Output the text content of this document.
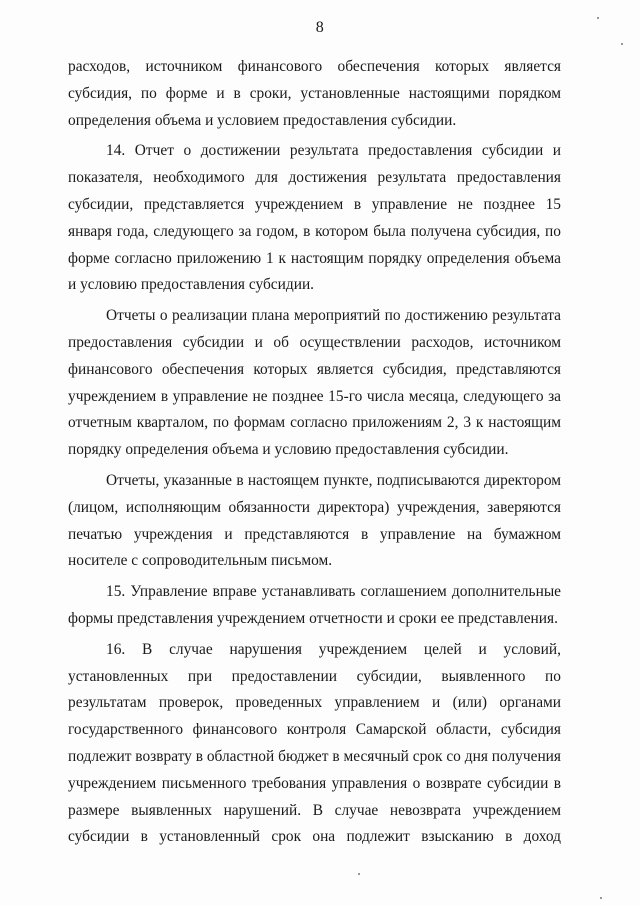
8

расходов, источником финансового обеспечения которых является субсидия, по форме и в сроки, установленные настоящими порядком определения объема и условием предоставления субсидии.

14. Отчет о достижении результата предоставления субсидии и показателя, необходимого для достижения результата предоставления субсидии, представляется учреждением в управление не позднее 15 января года, следующего за годом, в котором была получена субсидия, по форме согласно приложению 1 к настоящим порядку определения объема и условию предоставления субсидии.

Отчеты о реализации плана мероприятий по достижению результата предоставления субсидии и об осуществлении расходов, источником финансового обеспечения которых является субсидия, представляются учреждением в управление не позднее 15-го числа месяца, следующего за отчетным кварталом, по формам согласно приложениям 2, 3 к настоящим порядку определения объема и условию предоставления субсидии.

Отчеты, указанные в настоящем пункте, подписываются директором (лицом, исполняющим обязанности директора) учреждения, заверяются печатью учреждения и представляются в управление на бумажном носителе с сопроводительным письмом.

15. Управление вправе устанавливать соглашением дополнительные формы представления учреждением отчетности и сроки ее представления.

16. В случае нарушения учреждением целей и условий, установленных при предоставлении субсидии, выявленного по результатам проверок, проведенных управлением и (или) органами государственного финансового контроля Самарской области, субсидия подлежит возврату в областной бюджет в месячный срок со дня получения учреждением письменного требования управления о возврате субсидии в размере выявленных нарушений. В случае невозврата учреждением субсидии в установленный срок она подлежит взысканию в доход
